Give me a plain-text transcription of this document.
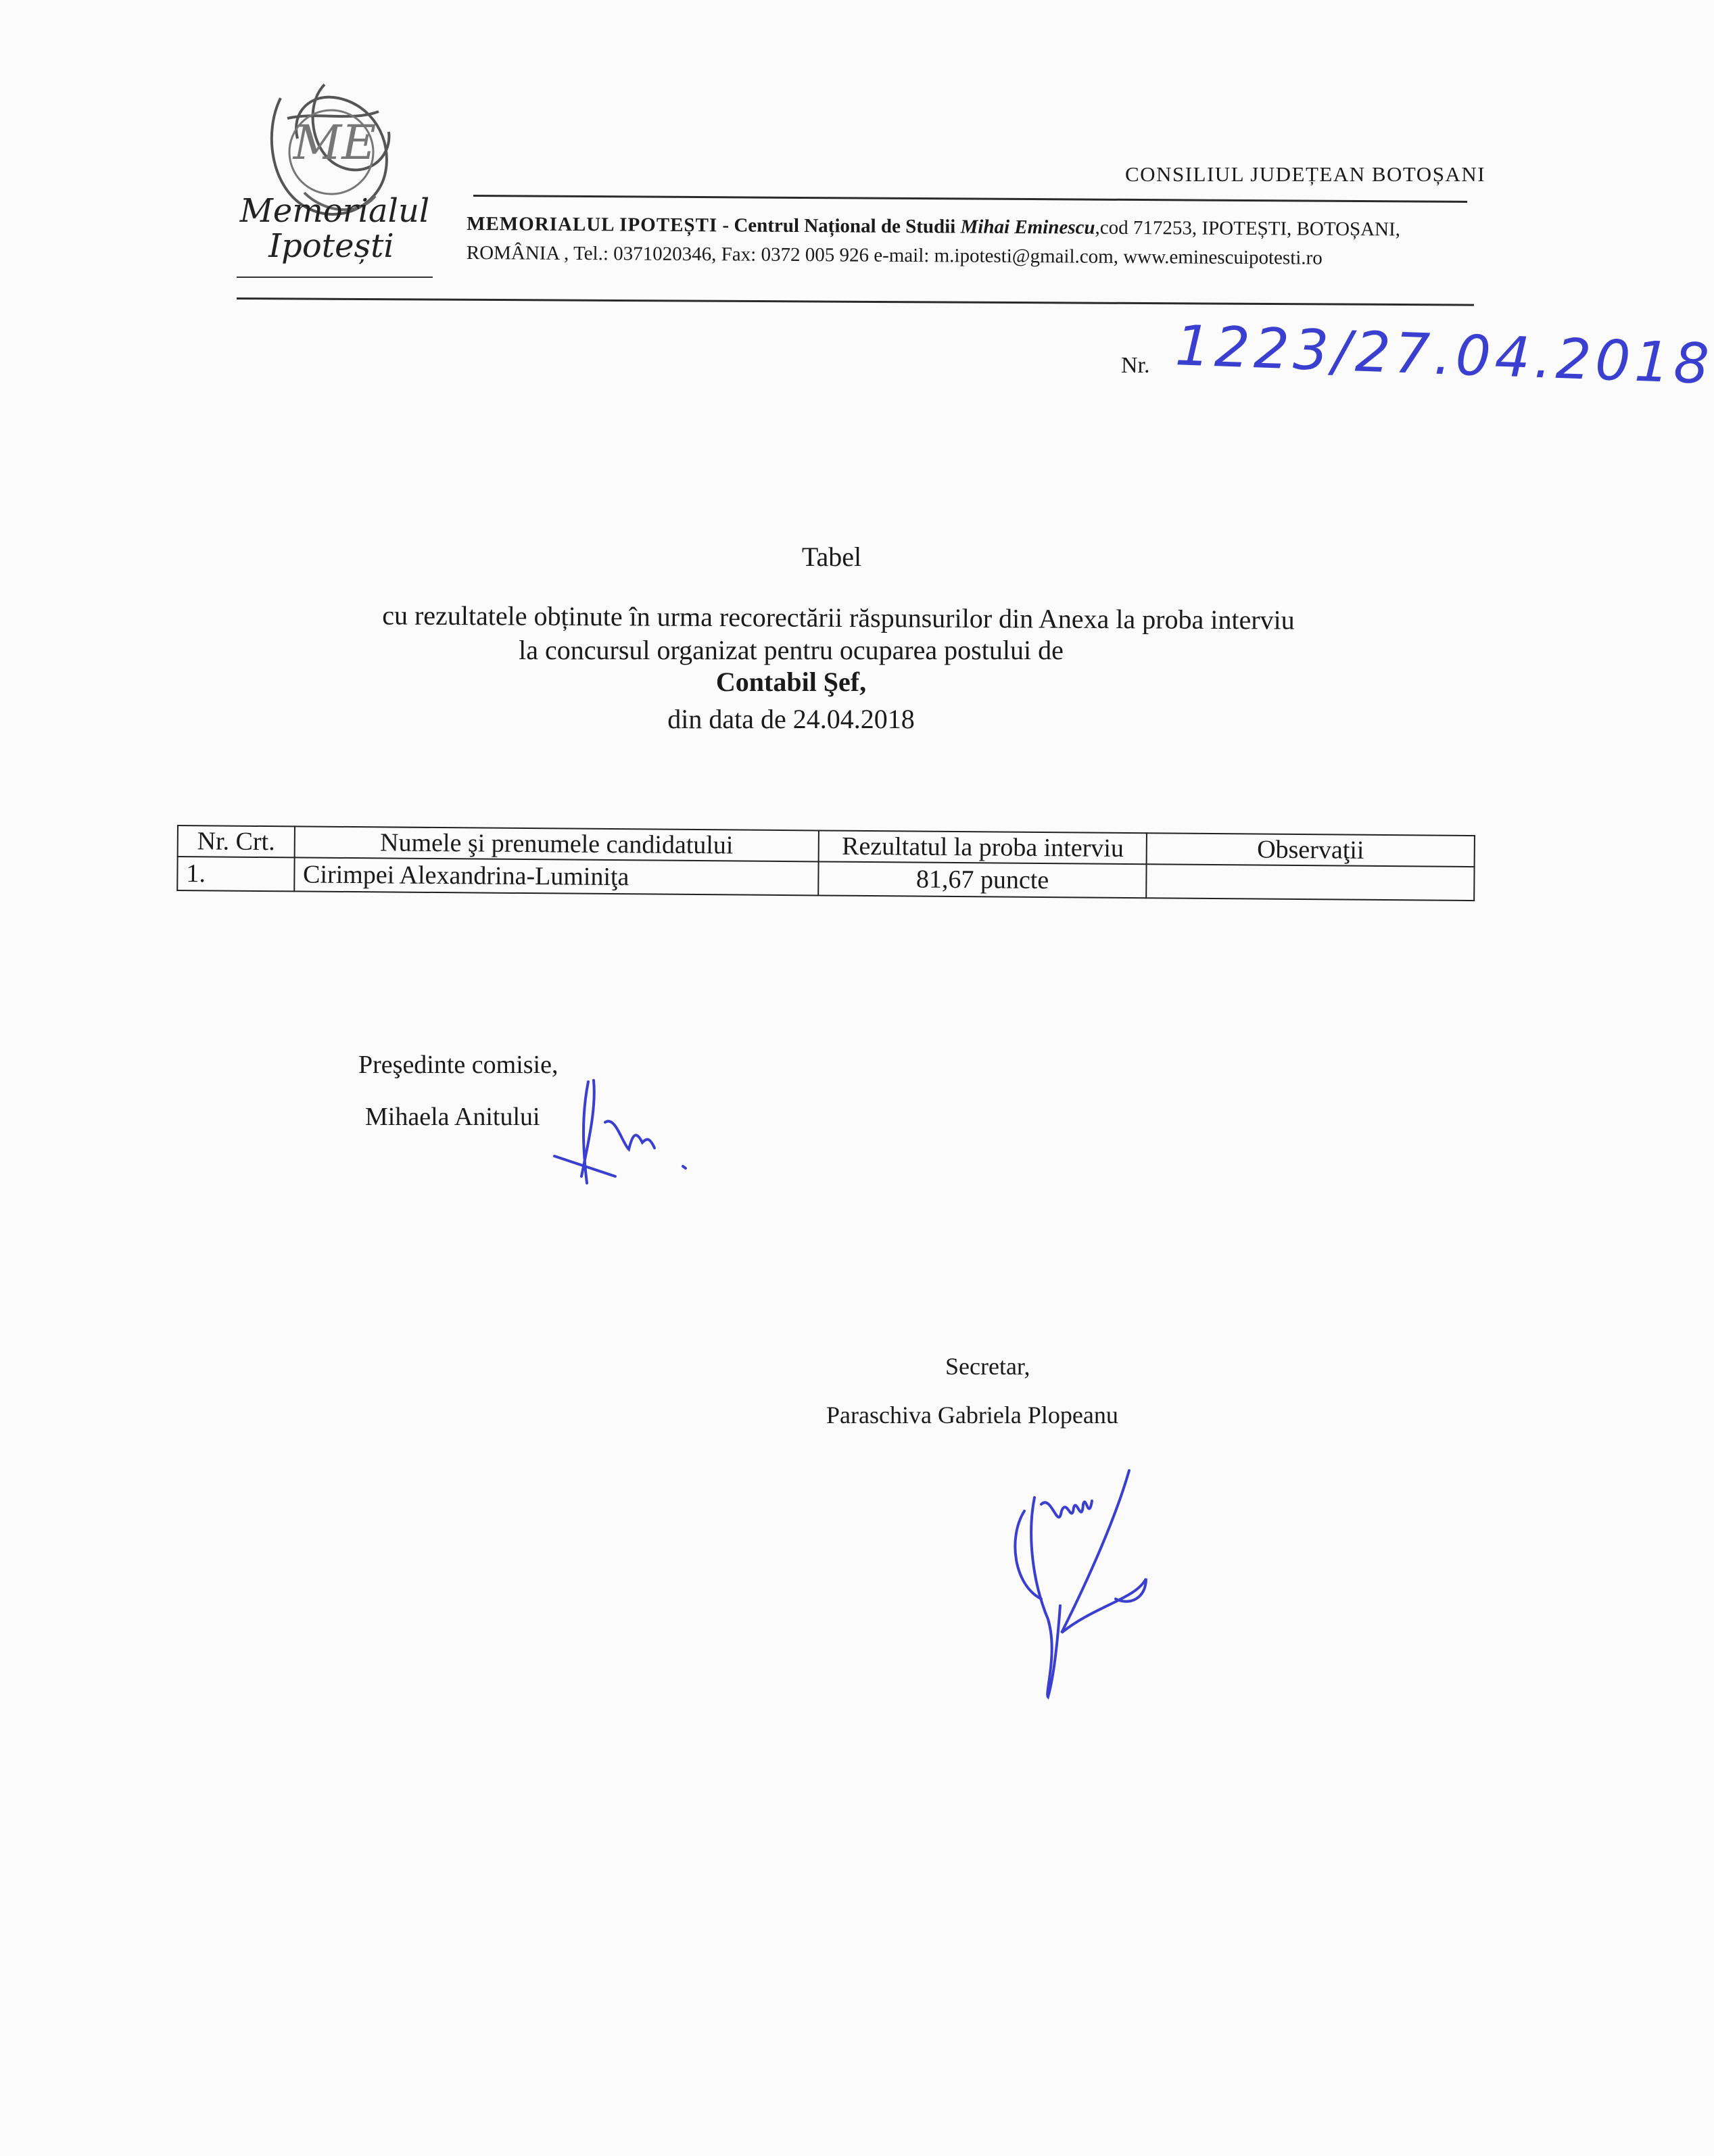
ME
Memorialul
Ipotești
CONSILIUL JUDEȚEAN BOTOȘANI
MEMORIALUL IPOTEȘTI - Centrul Național de Studii Mihai Eminescu,cod 717253, IPOTEȘTI, BOTOȘANI, ROMÂNIA , Tel.: 0371020346, Fax: 0372 005 926 e-mail: m.ipotesti@gmail.com, www.eminescuipotesti.ro
Nr. 1223/27.04.2018
Tabel
cu rezultatele obținute în urma recorectării răspunsurilor din Anexa la proba interviu
la concursul organizat pentru ocuparea postului de
Contabil Şef,
din data de 24.04.2018
Nr. Crt.	Numele şi prenumele candidatului	Rezultatul la proba interviu	Observaţii
1.	Cirimpei Alexandrina-Luminiţa	81,67 puncte	
Preşedinte comisie,
Mihaela Anitului
Secretar,
Paraschiva Gabriela Plopeanu
